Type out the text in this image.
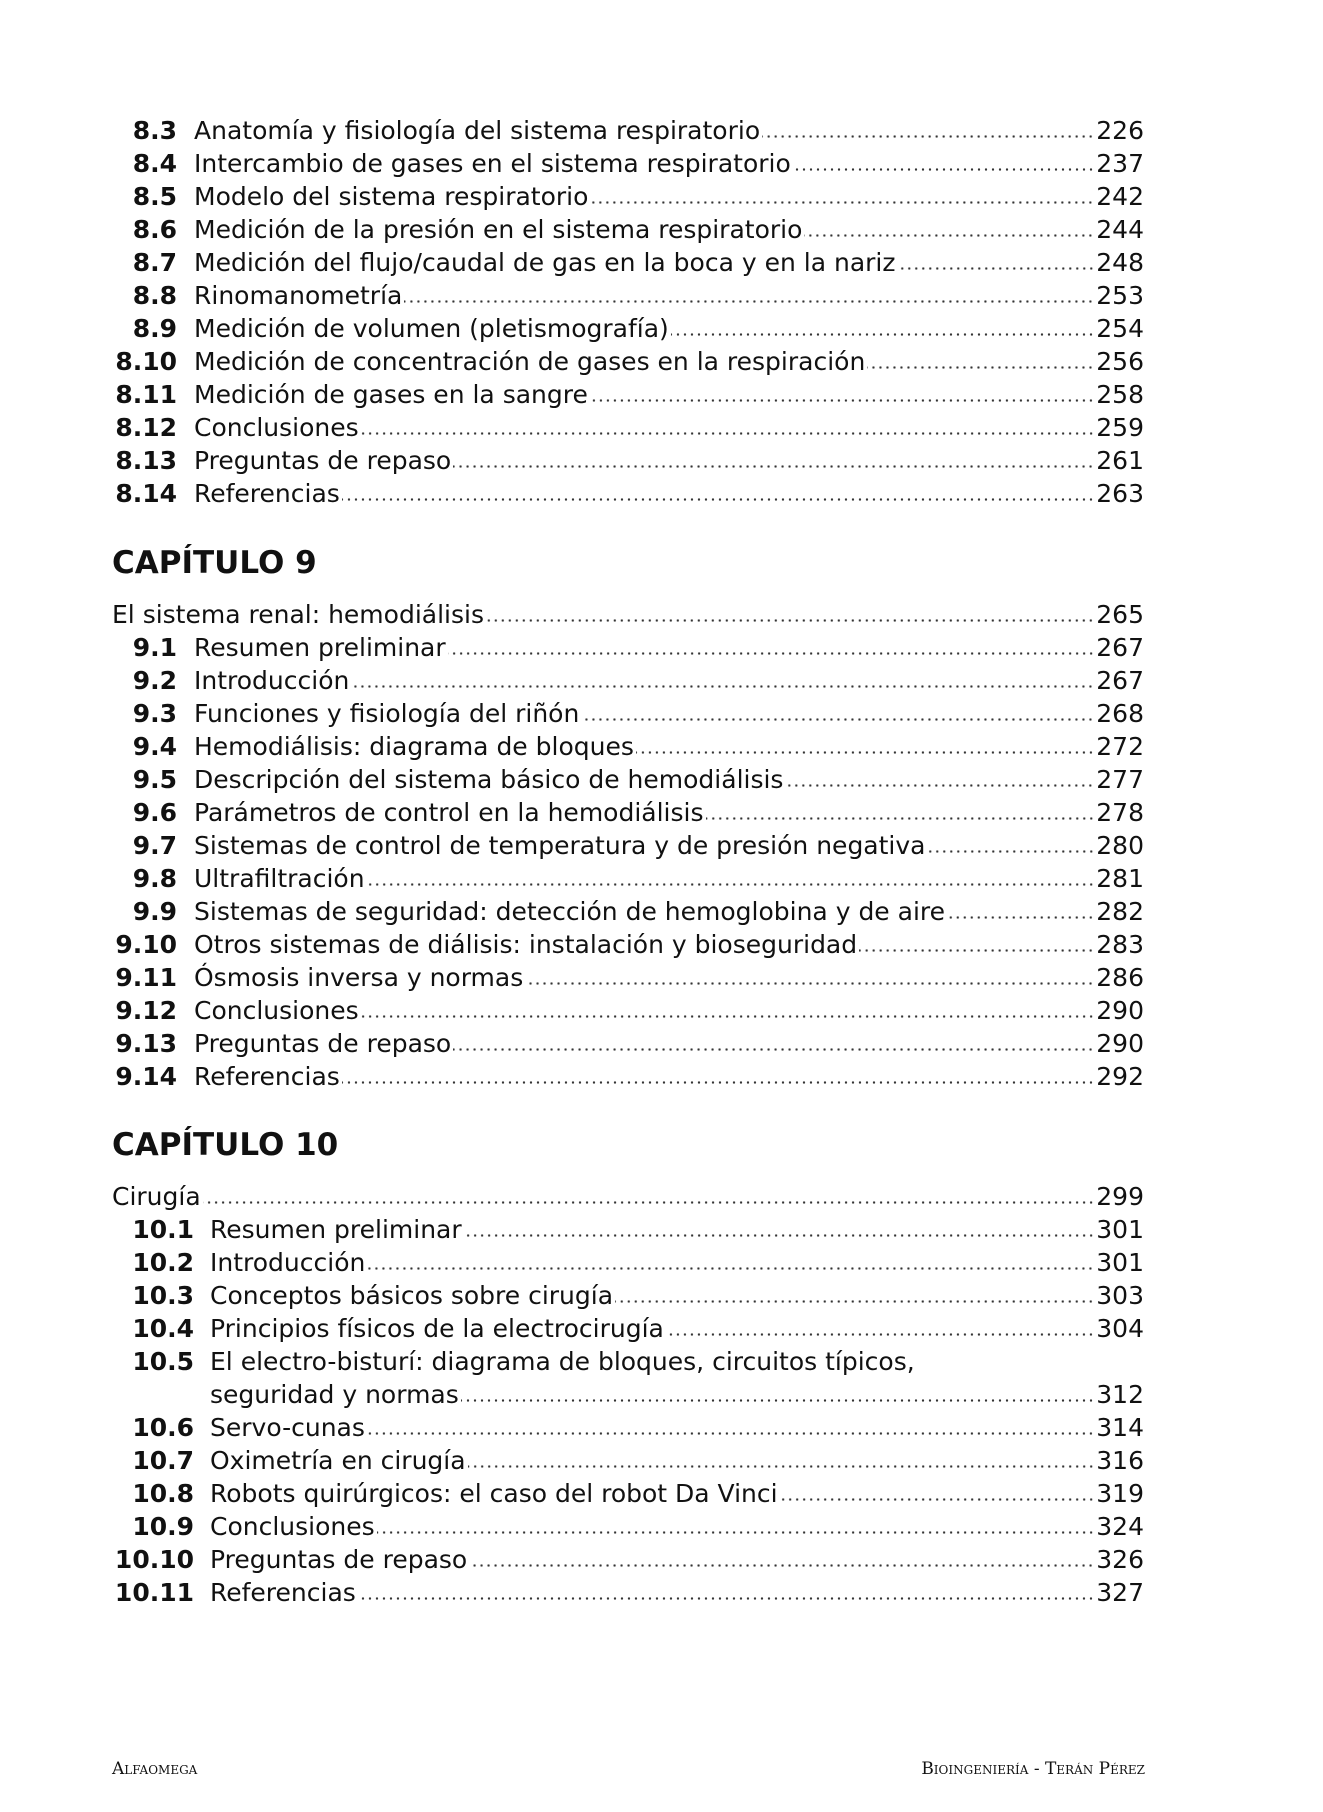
8.3 Anatomía y fisiología del sistema respiratorio	226
8.4 Intercambio de gases en el sistema respiratorio	237
8.5 Modelo del sistema respiratorio	242
8.6 Medición de la presión en el sistema respiratorio	244
8.7 Medición del flujo/caudal de gas en la boca y en la nariz	248
8.8 Rinomanometría	253
8.9 Medición de volumen (pletismografía)	254
8.10 Medición de concentración de gases en la respiración	256
8.11 Medición de gases en la sangre	258
8.12 Conclusiones	259
8.13 Preguntas de repaso	261
8.14 Referencias	263
CAPÍTULO 9
El sistema renal: hemodiálisis	265
9.1 Resumen preliminar	267
9.2 Introducción	267
9.3 Funciones y fisiología del riñón	268
9.4 Hemodiálisis: diagrama de bloques	272
9.5 Descripción del sistema básico de hemodiálisis	277
9.6 Parámetros de control en la hemodiálisis	278
9.7 Sistemas de control de temperatura y de presión negativa	280
9.8 Ultrafiltración	281
9.9 Sistemas de seguridad: detección de hemoglobina y de aire	282
9.10 Otros sistemas de diálisis: instalación y bioseguridad	283
9.11 Ósmosis inversa y normas	286
9.12 Conclusiones	290
9.13 Preguntas de repaso	290
9.14 Referencias	292
CAPÍTULO 10
Cirugía	299
10.1 Resumen preliminar	301
10.2 Introducción	301
10.3 Conceptos básicos sobre cirugía	303
10.4 Principios físicos de la electrocirugía	304
10.5 El electro-bisturí: diagrama de bloques, circuitos típicos,
seguridad y normas	312
10.6 Servo-cunas	314
10.7 Oximetría en cirugía	316
10.8 Robots quirúrgicos: el caso del robot Da Vinci	319
10.9 Conclusiones	324
10.10 Preguntas de repaso	326
10.11 Referencias	327
Alfaomega	Bioingeniería - Terán Pérez
